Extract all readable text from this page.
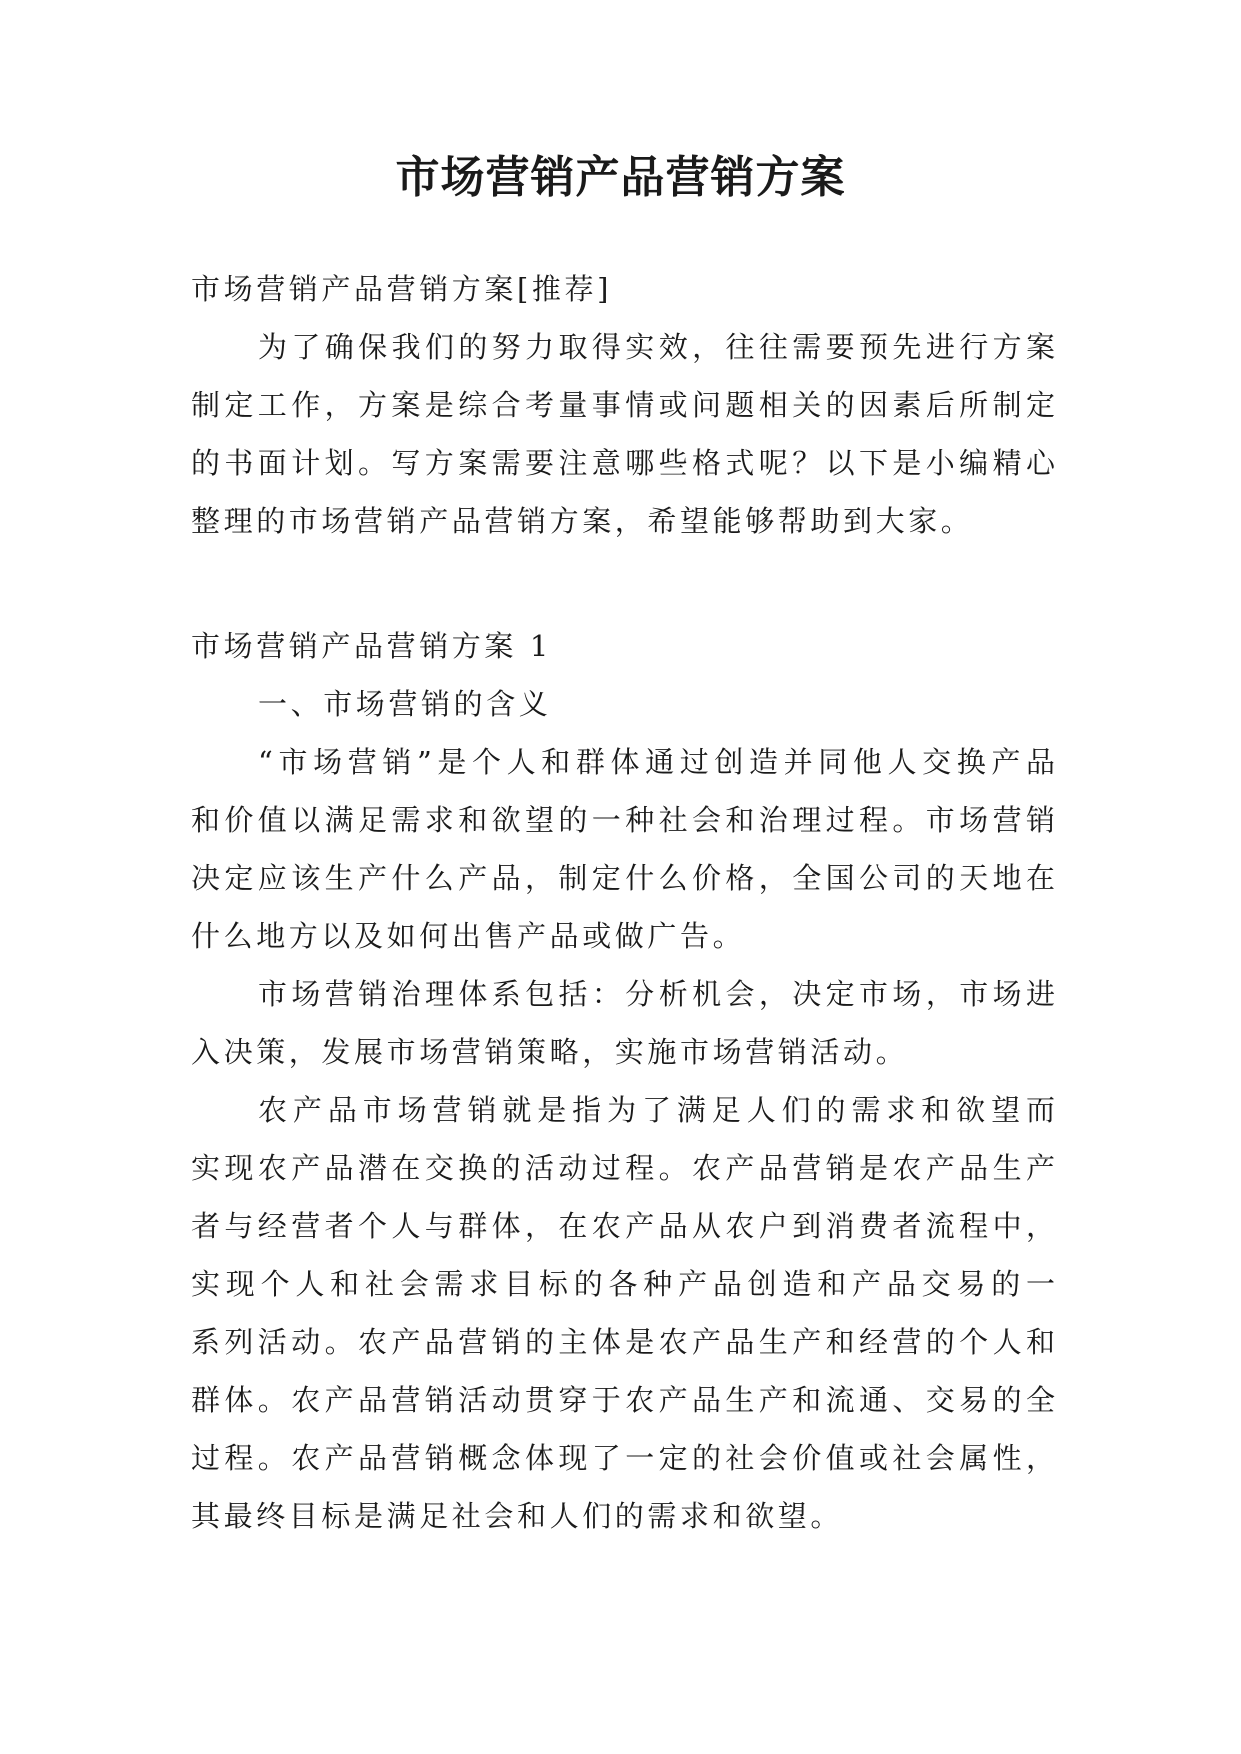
市场营销产品营销方案

市场营销产品营销方案[推荐]

为了确保我们的努力取得实效，往往需要预先进行方案

制定工作，方案是综合考量事情或问题相关的因素后所制定

的书面计划。写方案需要注意哪些格式呢？以下是小编精心

整理的市场营销产品营销方案，希望能够帮助到大家。

市场营销产品营销方案 1

一、市场营销的含义

“市场营销”是个人和群体通过创造并同他人交换产品

和价值以满足需求和欲望的一种社会和治理过程。市场营销

决定应该生产什么产品，制定什么价格，全国公司的天地在

什么地方以及如何出售产品或做广告。

市场营销治理体系包括：分析机会，决定市场，市场进

入决策，发展市场营销策略，实施市场营销活动。

农产品市场营销就是指为了满足人们的需求和欲望而

实现农产品潜在交换的活动过程。农产品营销是农产品生产

者与经营者个人与群体，在农产品从农户到消费者流程中，

实现个人和社会需求目标的各种产品创造和产品交易的一

系列活动。农产品营销的主体是农产品生产和经营的个人和

群体。农产品营销活动贯穿于农产品生产和流通、交易的全

过程。农产品营销概念体现了一定的社会价值或社会属性，

其最终目标是满足社会和人们的需求和欲望。
